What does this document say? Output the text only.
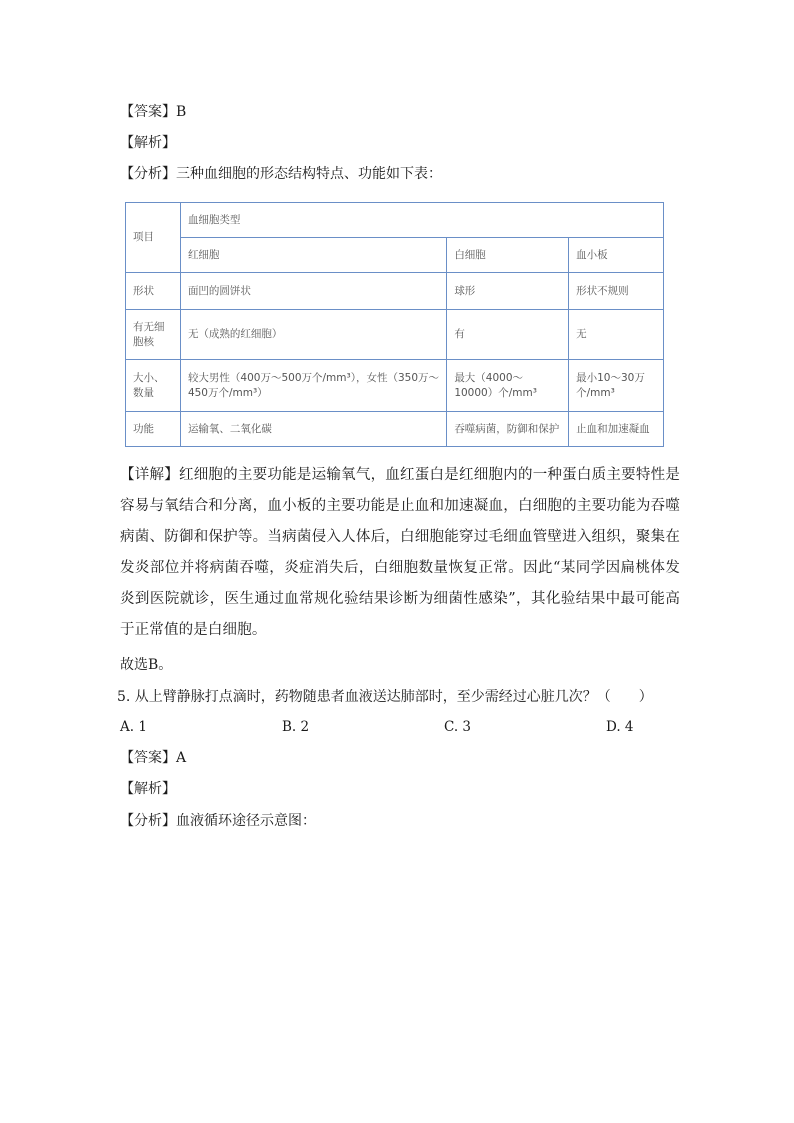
【答案】B
【解析】
【分析】三种血细胞的形态结构特点、功能如下表：
项目	血细胞类型		
	红细胞	白细胞	血小板
形状	面凹的圆饼状	球形	形状不规则
有无细胞核	无（成熟的红细胞）	有	无
大小、数量	较大男性（400万～500万个/mm³），女性（350万～450万个/mm³）	最大（4000～10000）个/mm³	最小10～30万个/mm³
功能	运输氧、二氧化碳	吞噬病菌，防御和保护	止血和加速凝血
【详解】红细胞的主要功能是运输氧气，血红蛋白是红细胞内的一种蛋白质主要特性是容易与氧结合和分离，血小板的主要功能是止血和加速凝血，白细胞的主要功能为吞噬病菌、防御和保护等。当病菌侵入人体后，白细胞能穿过毛细血管壁进入组织，聚集在发炎部位并将病菌吞噬，炎症消失后，白细胞数量恢复正常。因此“某同学因扁桃体发炎到医院就诊，医生通过血常规化验结果诊断为细菌性感染”，其化验结果中最可能高于正常值的是白细胞。
故选B。
5. 从上臂静脉打点滴时，药物随患者血液送达肺部时，至少需经过心脏几次？（　　）
A. 1	B. 2	C. 3	D. 4
【答案】A
【解析】
【分析】血液循环途径示意图：
